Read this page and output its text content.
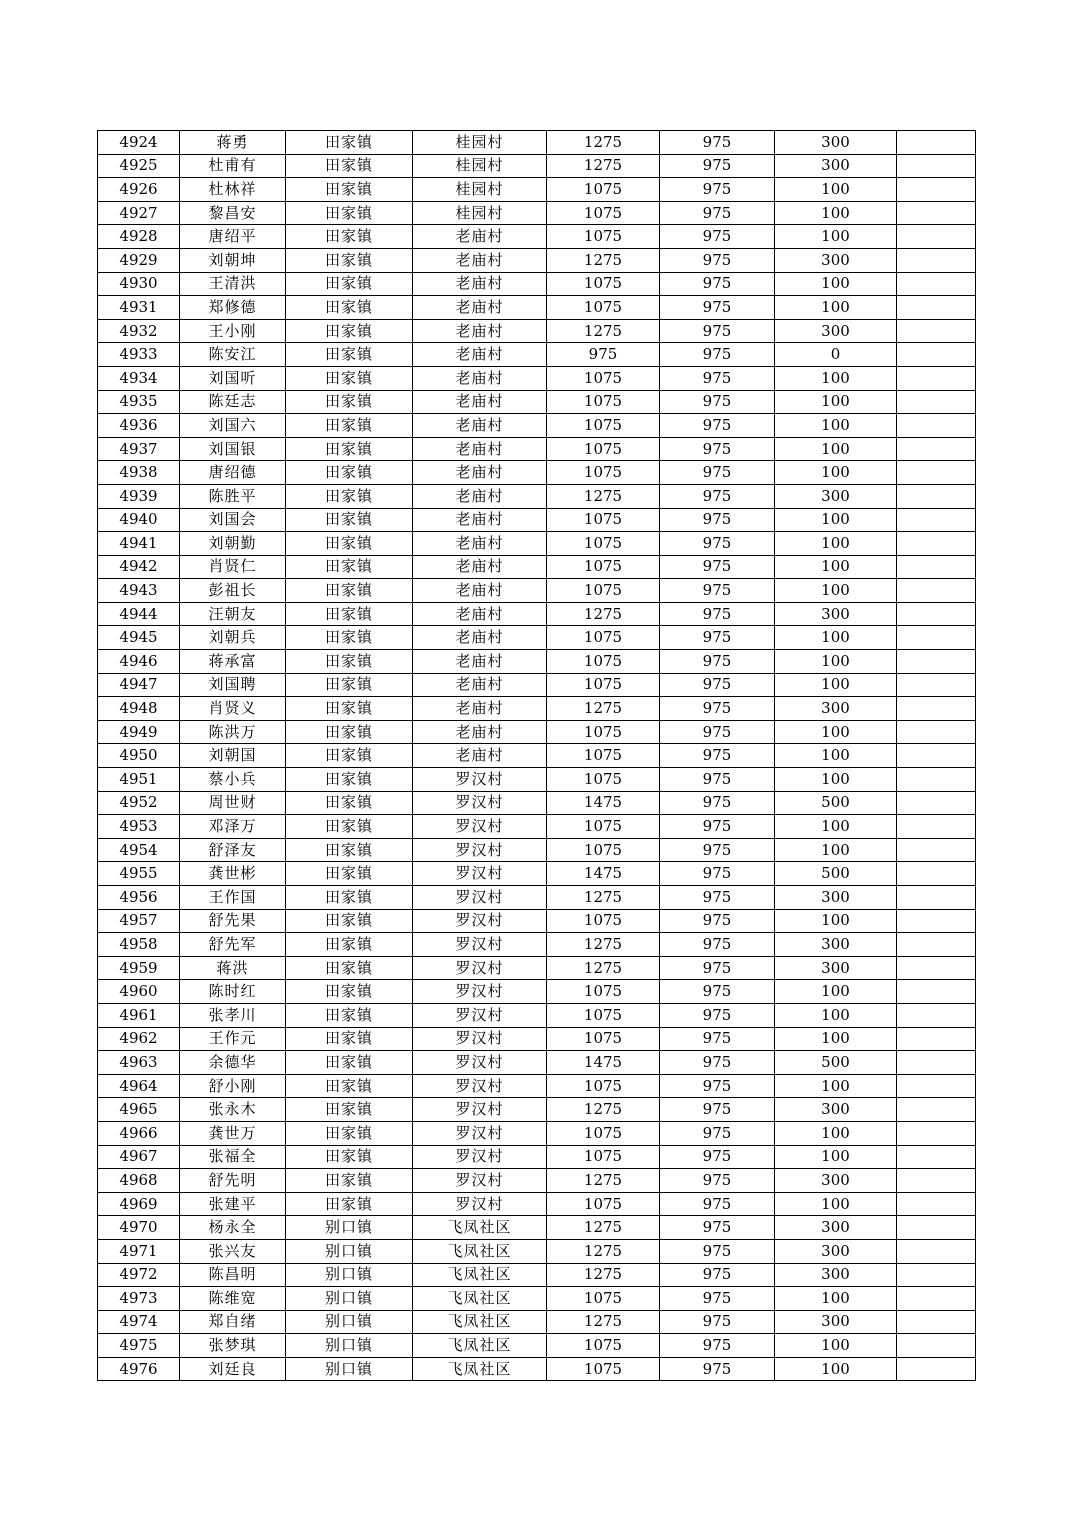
4924	蒋勇	田家镇	桂园村	1275	975	300	
4925	杜甫有	田家镇	桂园村	1275	975	300	
4926	杜林祥	田家镇	桂园村	1075	975	100	
4927	黎昌安	田家镇	桂园村	1075	975	100	
4928	唐绍平	田家镇	老庙村	1075	975	100	
4929	刘朝坤	田家镇	老庙村	1275	975	300	
4930	王清洪	田家镇	老庙村	1075	975	100	
4931	郑修德	田家镇	老庙村	1075	975	100	
4932	王小刚	田家镇	老庙村	1275	975	300	
4933	陈安江	田家镇	老庙村	975	975	0	
4934	刘国听	田家镇	老庙村	1075	975	100	
4935	陈廷志	田家镇	老庙村	1075	975	100	
4936	刘国六	田家镇	老庙村	1075	975	100	
4937	刘国银	田家镇	老庙村	1075	975	100	
4938	唐绍德	田家镇	老庙村	1075	975	100	
4939	陈胜平	田家镇	老庙村	1275	975	300	
4940	刘国会	田家镇	老庙村	1075	975	100	
4941	刘朝勤	田家镇	老庙村	1075	975	100	
4942	肖贤仁	田家镇	老庙村	1075	975	100	
4943	彭祖长	田家镇	老庙村	1075	975	100	
4944	汪朝友	田家镇	老庙村	1275	975	300	
4945	刘朝兵	田家镇	老庙村	1075	975	100	
4946	蒋承富	田家镇	老庙村	1075	975	100	
4947	刘国聘	田家镇	老庙村	1075	975	100	
4948	肖贤义	田家镇	老庙村	1275	975	300	
4949	陈洪万	田家镇	老庙村	1075	975	100	
4950	刘朝国	田家镇	老庙村	1075	975	100	
4951	蔡小兵	田家镇	罗汉村	1075	975	100	
4952	周世财	田家镇	罗汉村	1475	975	500	
4953	邓泽万	田家镇	罗汉村	1075	975	100	
4954	舒泽友	田家镇	罗汉村	1075	975	100	
4955	龚世彬	田家镇	罗汉村	1475	975	500	
4956	王作国	田家镇	罗汉村	1275	975	300	
4957	舒先果	田家镇	罗汉村	1075	975	100	
4958	舒先军	田家镇	罗汉村	1275	975	300	
4959	蒋洪	田家镇	罗汉村	1275	975	300	
4960	陈时红	田家镇	罗汉村	1075	975	100	
4961	张孝川	田家镇	罗汉村	1075	975	100	
4962	王作元	田家镇	罗汉村	1075	975	100	
4963	余德华	田家镇	罗汉村	1475	975	500	
4964	舒小刚	田家镇	罗汉村	1075	975	100	
4965	张永木	田家镇	罗汉村	1275	975	300	
4966	龚世万	田家镇	罗汉村	1075	975	100	
4967	张福全	田家镇	罗汉村	1075	975	100	
4968	舒先明	田家镇	罗汉村	1275	975	300	
4969	张建平	田家镇	罗汉村	1075	975	100	
4970	杨永全	别口镇	飞凤社区	1275	975	300	
4971	张兴友	别口镇	飞凤社区	1275	975	300	
4972	陈昌明	别口镇	飞凤社区	1275	975	300	
4973	陈维宽	别口镇	飞凤社区	1075	975	100	
4974	郑自绪	别口镇	飞凤社区	1275	975	300	
4975	张梦琪	别口镇	飞凤社区	1075	975	100	
4976	刘廷良	别口镇	飞凤社区	1075	975	100	
